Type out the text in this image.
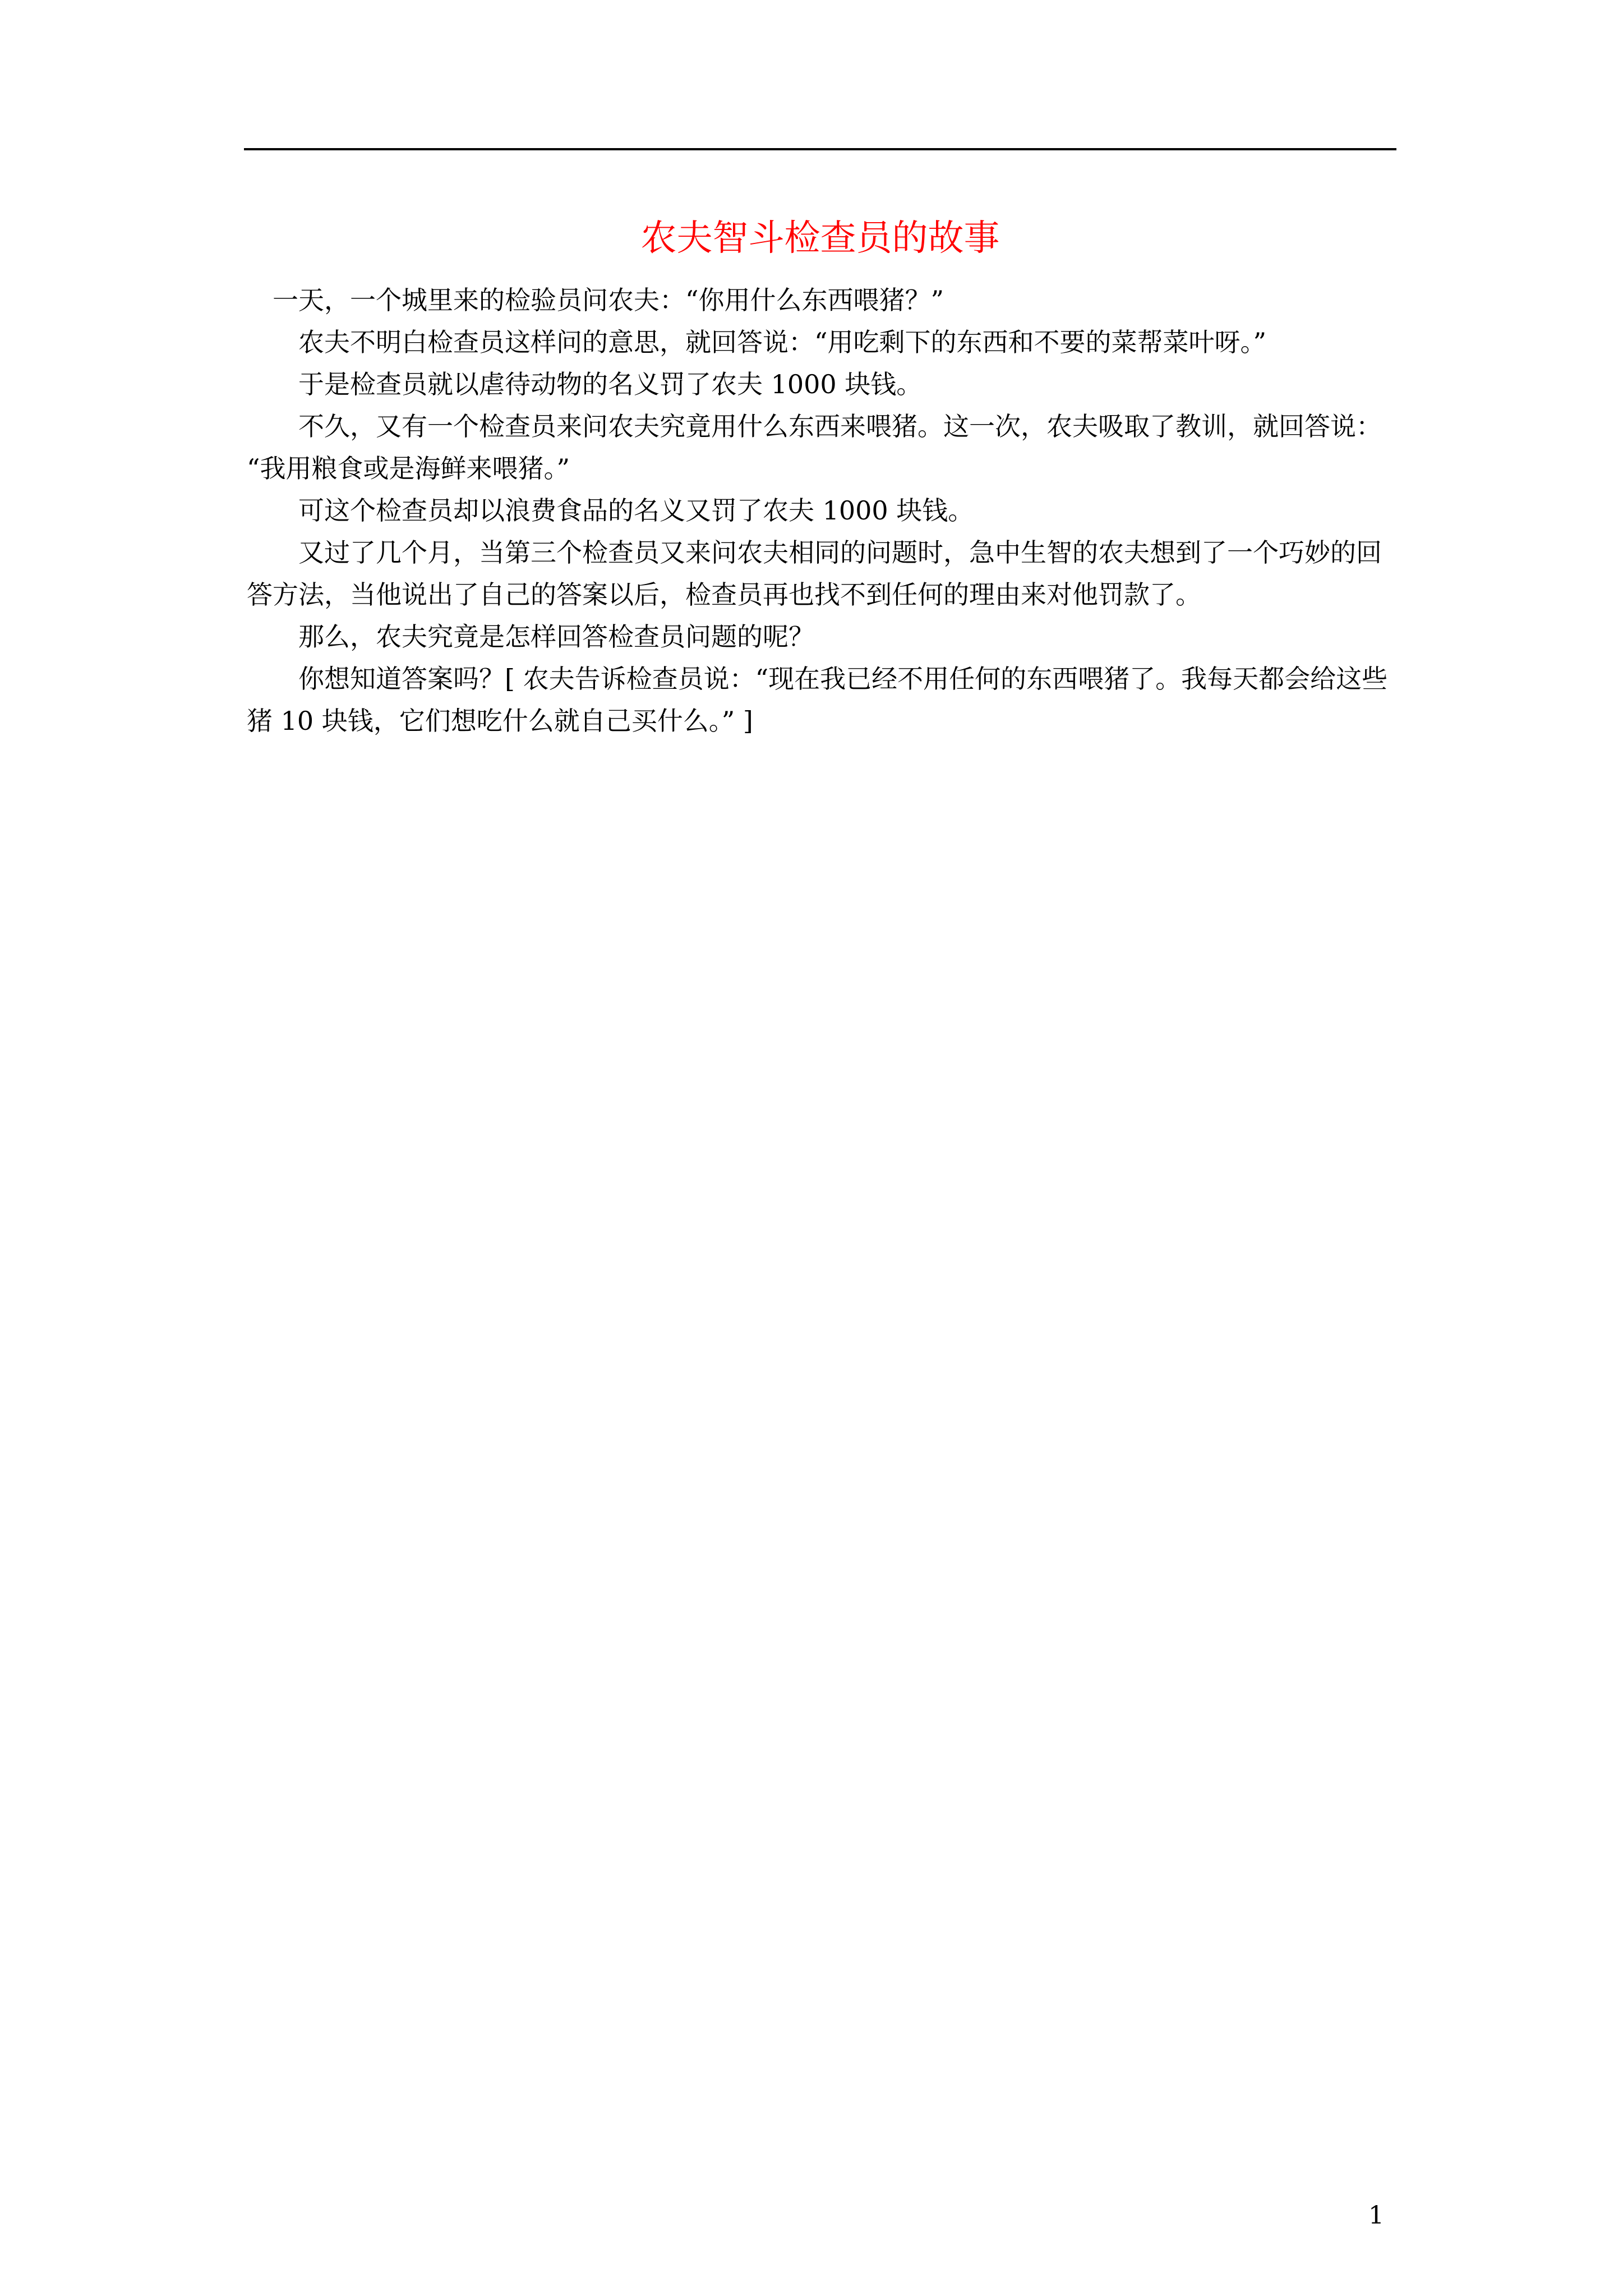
农夫智斗检查员的故事

一天，一个城里来的检验员问农夫：“你用什么东西喂猪？”

农夫不明白检查员这样问的意思，就回答说：“用吃剩下的东西和不要的菜帮菜叶呀。”

于是检查员就以虐待动物的名义罚了农夫 1000 块钱。

不久，又有一个检查员来问农夫究竟用什么东西来喂猪。这一次，农夫吸取了教训，就回答说： “我用粮食或是海鲜来喂猪。”

可这个检查员却以浪费食品的名义又罚了农夫 1000 块钱。

又过了几个月，当第三个检查员又来问农夫相同的问题时，急中生智的农夫想到了一个巧妙的回答方法，当他说出了自己的答案以后，检查员再也找不到任何的理由来对他罚款了。

那么，农夫究竟是怎样回答检查员问题的呢？

你想知道答案吗？[ 农夫告诉检查员说：“现在我已经不用任何的东西喂猪了。我每天都会给这些猪 10 块钱，它们想吃什么就自己买什么。” ]

1
